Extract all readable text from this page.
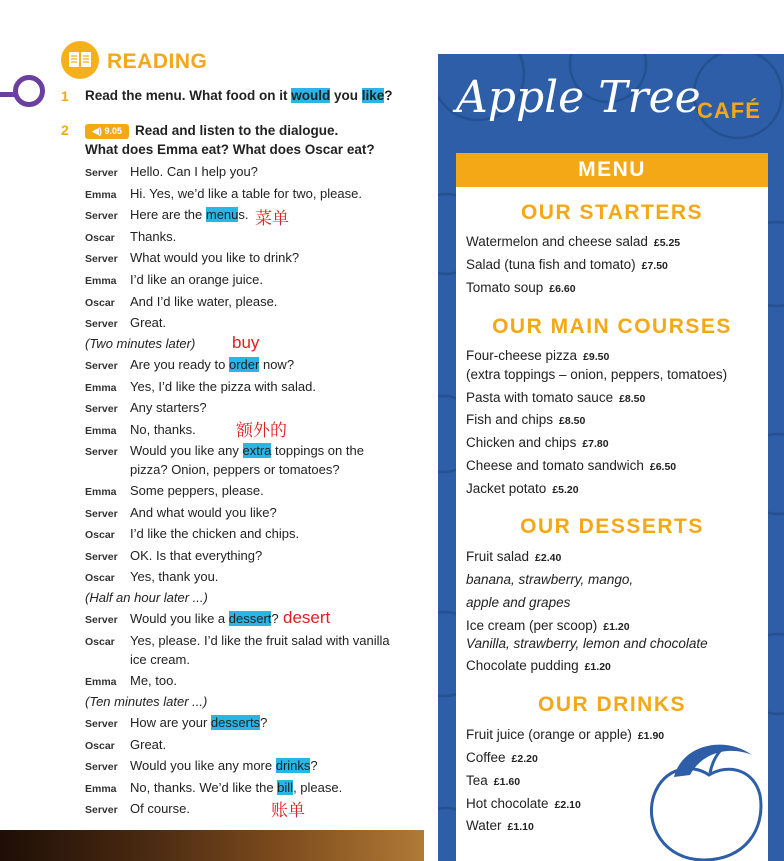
READING
1 Read the menu. What food on it would you like?
2	◀) 9.05 Read and listen to the dialogue.
What does Emma eat? What does Oscar eat?
Server Hello. Can I help you?
Emma Hi. Yes, we’d like a table for two, please.
Server Here are the menus.
Oscar Thanks.
Server What would you like to drink?
Emma I’d like an orange juice.
Oscar And I’d like water, please.
Server Great.
(Two minutes later)
Server Are you ready to order now?
Emma Yes, I’d like the pizza with salad.
Server Any starters?
Emma No, thanks.
Server Would you like any extra toppings on the
pizza? Onion, peppers or tomatoes?
Emma Some peppers, please.
Server And what would you like?
Oscar I’d like the chicken and chips.
Server OK. Is that everything?
Oscar Yes, thank you.
(Half an hour later ...)
Server Would you like a dessert?
Oscar Yes, please. I’d like the fruit salad with vanilla
ice cream.
Emma Me, too.
(Ten minutes later ...)
Server How are your desserts?
Oscar Great.
Server Would you like any more drinks?
Emma No, thanks. We’d like the bill, please.
Server Of course.
菜单
buy
额外的
desert
账单
Apple Tree
CAFÉ
MENU
OUR STARTERS
Watermelon and cheese salad £5.25
Salad (tuna fish and tomato) £7.50
Tomato soup £6.60
OUR MAIN COURSES
Four-cheese pizza £9.50
(extra toppings – onion, peppers, tomatoes)
Pasta with tomato sauce £8.50
Fish and chips £8.50
Chicken and chips £7.80
Cheese and tomato sandwich £6.50
Jacket potato £5.20
OUR DESSERTS
Fruit salad £2.40
banana, strawberry, mango,
apple and grapes
Ice cream (per scoop) £1.20
Vanilla, strawberry, lemon and chocolate
Chocolate pudding £1.20
OUR DRINKS
Fruit juice (orange or apple) £1.90
Coffee £2.20
Tea £1.60
Hot chocolate £2.10
Water £1.10
